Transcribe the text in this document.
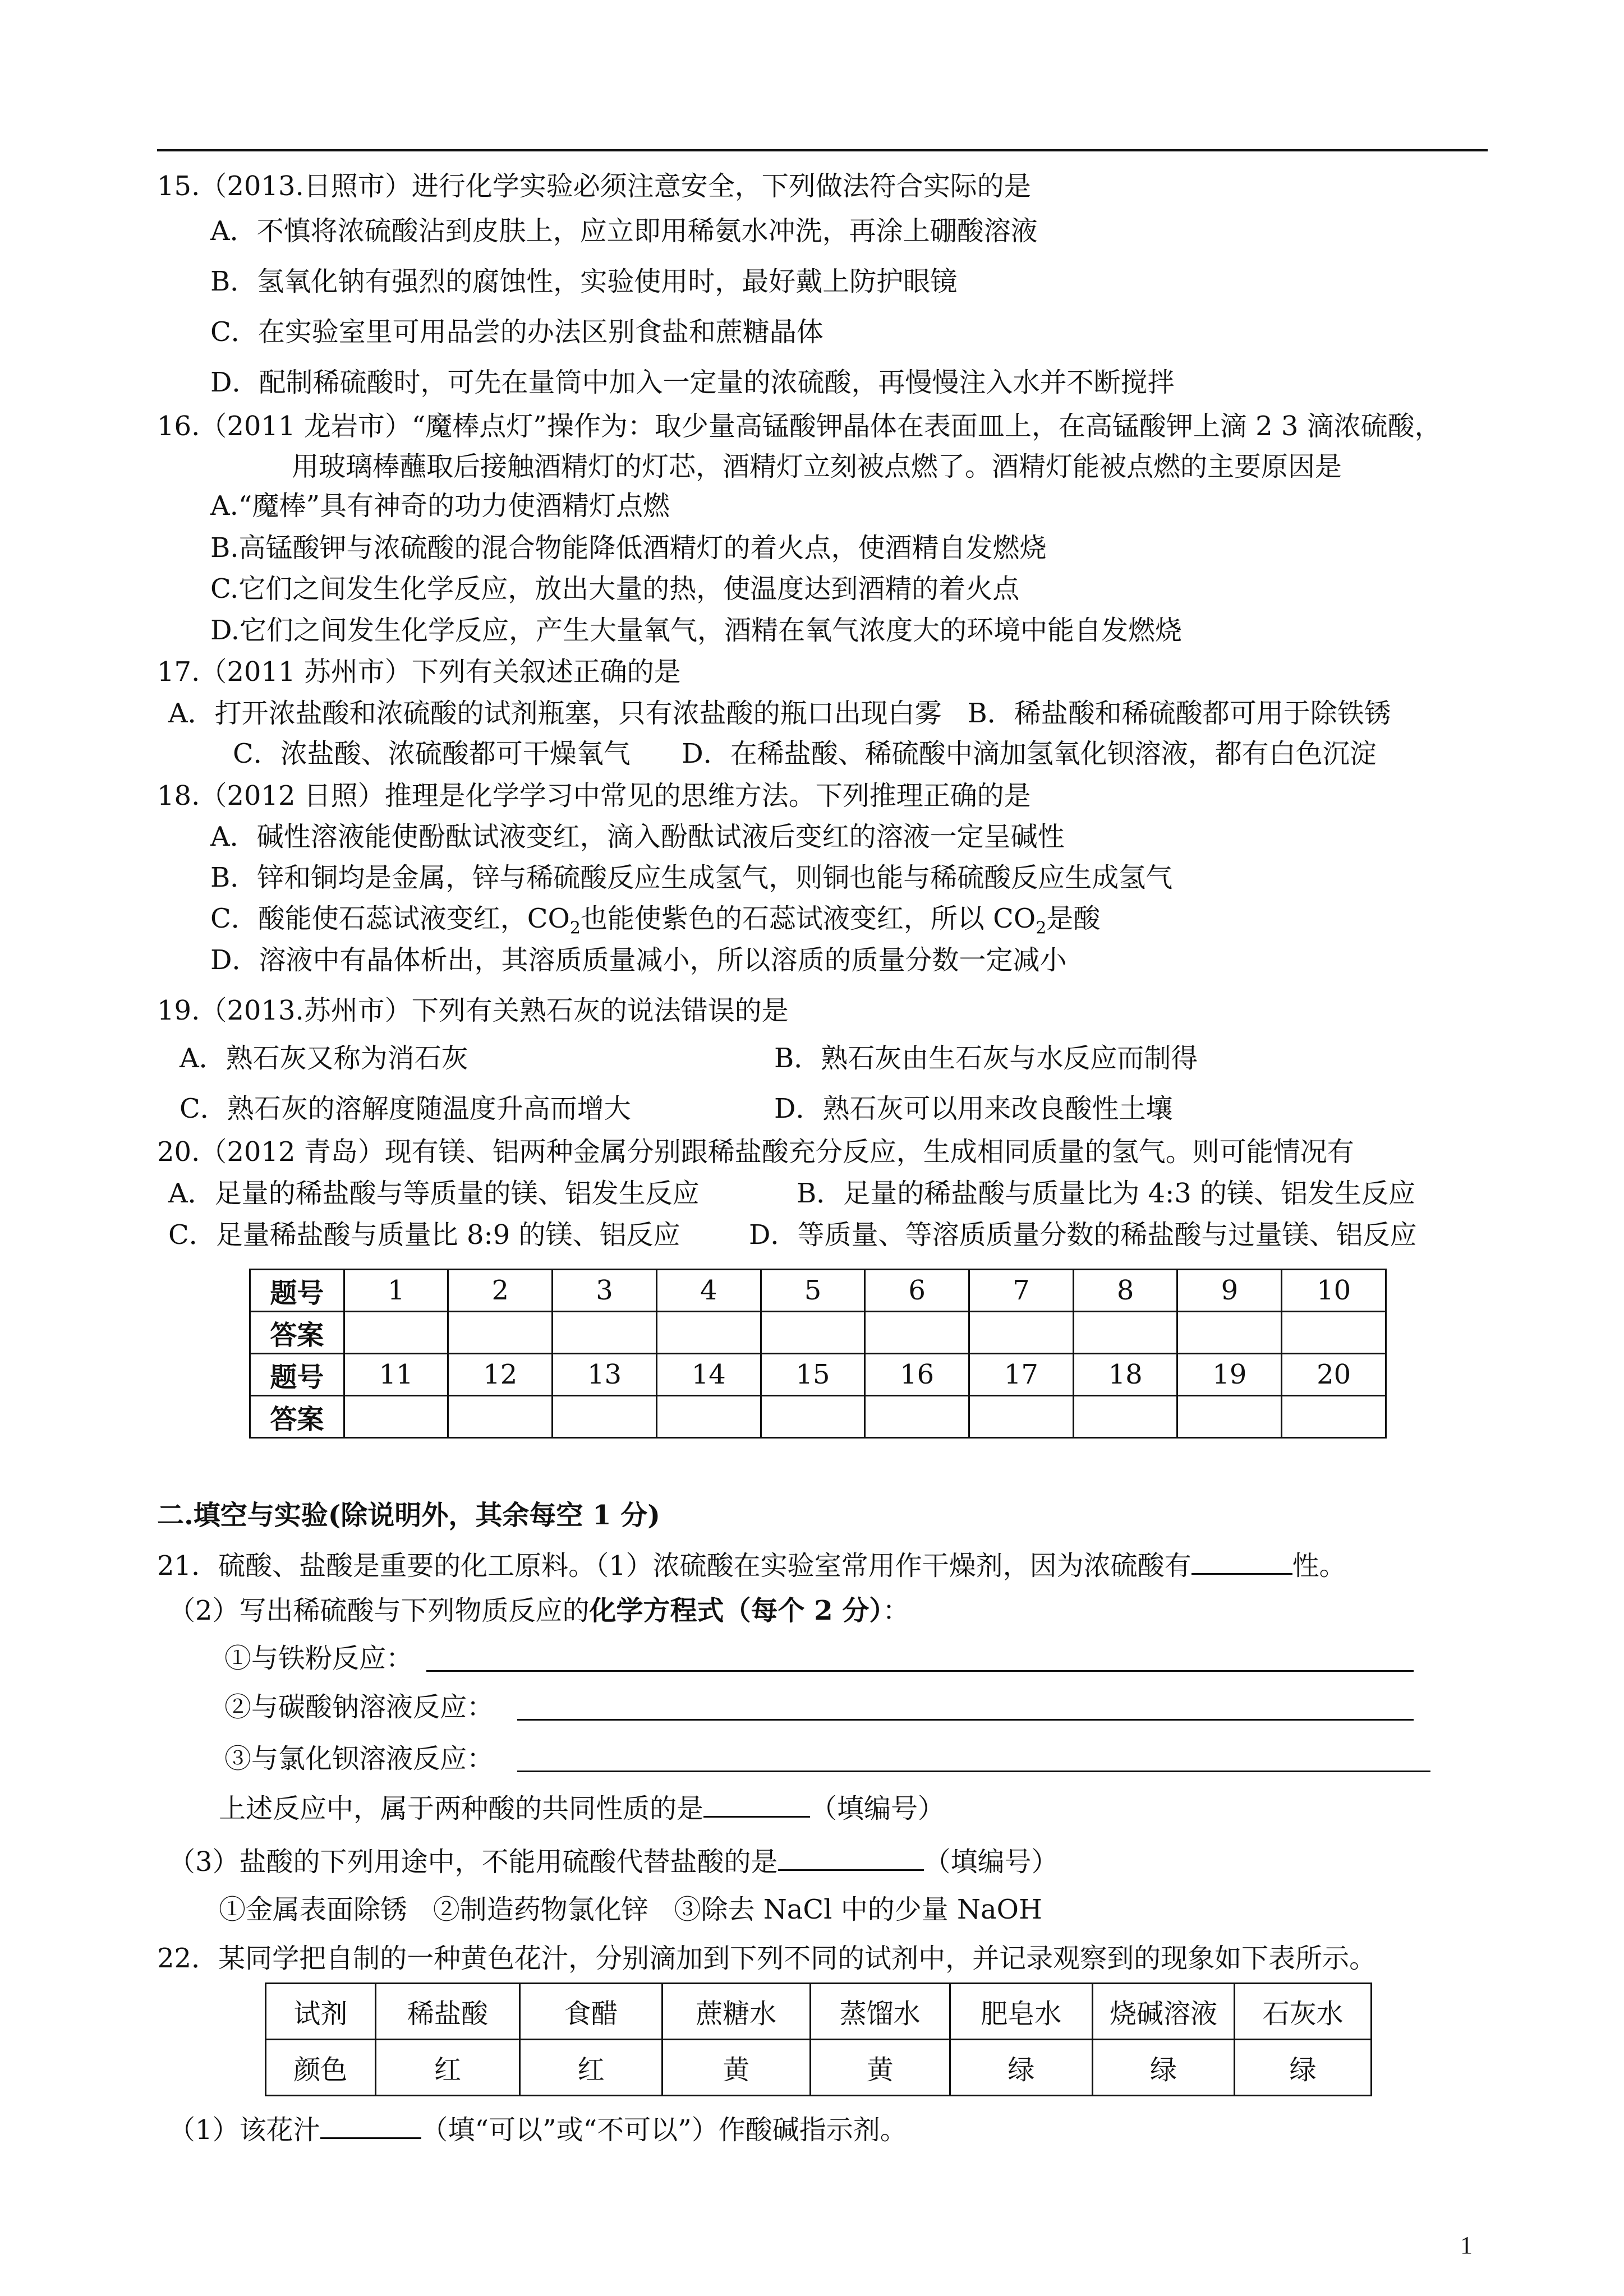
15.（2013.日照市）进行化学实验必须注意安全，下列做法符合实际的是
A．不慎将浓硫酸沾到皮肤上，应立即用稀氨水冲洗，再涂上硼酸溶液
B．氢氧化钠有强烈的腐蚀性，实验使用时，最好戴上防护眼镜
C．在实验室里可用品尝的办法区别食盐和蔗糖晶体
D．配制稀硫酸时，可先在量筒中加入一定量的浓硫酸，再慢慢注入水并不断搅拌
16.（2011 龙岩市）“魔棒点灯”操作为：取少量高锰酸钾晶体在表面皿上，在高锰酸钾上滴 2 3 滴浓硫酸，
用玻璃棒蘸取后接触酒精灯的灯芯，酒精灯立刻被点燃了。酒精灯能被点燃的主要原因是
A.“魔棒”具有神奇的功力使酒精灯点燃
B.高锰酸钾与浓硫酸的混合物能降低酒精灯的着火点，使酒精自发燃烧
C.它们之间发生化学反应，放出大量的热，使温度达到酒精的着火点
D.它们之间发生化学反应，产生大量氧气，酒精在氧气浓度大的环境中能自发燃烧
17.（2011 苏州市）下列有关叙述正确的是
A．打开浓盐酸和浓硫酸的试剂瓶塞，只有浓盐酸的瓶口出现白雾   B．稀盐酸和稀硫酸都可用于除铁锈
C．浓盐酸、浓硫酸都可干燥氧气      D．在稀盐酸、稀硫酸中滴加氢氧化钡溶液，都有白色沉淀
18.（2012 日照）推理是化学学习中常见的思维方法。下列推理正确的是
A．碱性溶液能使酚酞试液变红，滴入酚酞试液后变红的溶液一定呈碱性
B．锌和铜均是金属，锌与稀硫酸反应生成氢气，则铜也能与稀硫酸反应生成氢气
C．酸能使石蕊试液变红，$CO_2$也能使紫色的石蕊试液变红，所以 $CO_2$是酸
D．溶液中有晶体析出，其溶质质量减小，所以溶质的质量分数一定减小
19.（2013.苏州市）下列有关熟石灰的说法错误的是
A．熟石灰又称为消石灰	B．熟石灰由生石灰与水反应而制得
C．熟石灰的溶解度随温度升高而增大	D．熟石灰可以用来改良酸性土壤
20.（2012 青岛）现有镁、铝两种金属分别跟稀盐酸充分反应，生成相同质量的氢气。则可能情况有
A．足量的稀盐酸与等质量的镁、铝发生反应	B．足量的稀盐酸与质量比为 4:3 的镁、铝发生反应
C．足量稀盐酸与质量比 8:9 的镁、铝反应	D．等质量、等溶质质量分数的稀盐酸与过量镁、铝反应
题号	1	2	3	4	5	6	7	8	9	10
答案										
题号	11	12	13	14	15	16	17	18	19	20
答案										
二.填空与实验(除说明外，其余每空 1 分)
21．硫酸、盐酸是重要的化工原料。（1）浓硫酸在实验室常用作干燥剂，因为浓硫酸有	性。
（2）写出稀硫酸与下列物质反应的化学方程式（每个 2 分）：
①与铁粉反应：
②与碳酸钠溶液反应：
③与氯化钡溶液反应：
上述反应中，属于两种酸的共同性质的是	（填编号）
（3）盐酸的下列用途中，不能用硫酸代替盐酸的是	（填编号）
①金属表面除锈   ②制造药物氯化锌   ③除去 NaCl 中的少量 NaOH
22．某同学把自制的一种黄色花汁，分别滴加到下列不同的试剂中，并记录观察到的现象如下表所示。
试剂	稀盐酸	食醋	蔗糖水	蒸馏水	肥皂水	烧碱溶液	石灰水
颜色	红	红	黄	黄	绿	绿	绿
（1）该花汁	（填“可以”或“不可以”）作酸碱指示剂。
1
